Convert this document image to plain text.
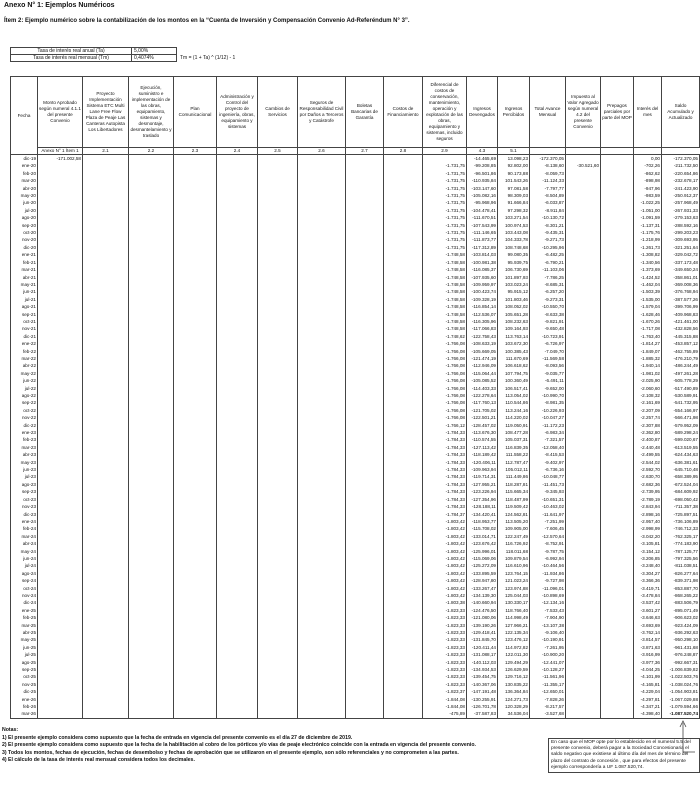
Anexo N° 1: Ejemplos Numéricos
Ítem 2: Ejemplo numérico sobre la contabilización de los montos en la “Cuenta de Inversión y Compensación Convenio Ad-Referéndum N° 3”.
Tasa de interés real anual (Ta)	5,00%
Tasa de interés real mensual (Tm)	0,4074%	Tm = (1 + Ta) ^ (1/12) - 1
Fecha	Monto Aprobado según numeral 4.1.1 del presente Convenio	Proyecto Implementación Sistema ETC Multi Lane Free Flow Plaza de Peaje Las Canteras Autopista Los Libertadores	Ejecución, suministro e implementación de las obras, equipamiento, sistemas y desmontaje, desmantelamiento y traslado	Plan Comunicacional	Administración y Control del proyecto de ingeniería, obras, equipamiento y sistemas	Cambios de Servicios	Seguros de Responsabilidad Civil por Daños a Terceros y Catástrofe	Boletas Bancarias de Garantía	Costos de Financiamiento	Diferencial de costos de conservación, mantenimiento, operación y explotación de las obras, equipamiento y sistemas, incluido seguros	Ingresos Devengados	Ingresos Percibidos	Total Avance Mensual	Impuesto al Valor Agregado según numeral 4.2 del presente Convenio	Prepagos parciales por parte del MOP	Interés del mes	Saldo Acumulado y Actualizado
	Anexo N° 1 Ítem 1	2.1	2.2	2.3	2.4	2.5	2.6	2.7	2.8	2.9	4.3	5.1					
dic-19	-171.002,58										-14.465,69	13.098,23	-172.370,05			0,00	-172.370,05
ene-20										-1.731,75	-99.208,85	92.802,00	-8.138,60	-30.521,60		-702,26	-211.732,50
feb-20										-1.731,75	-96.501,86	90.173,88	-8.059,73			-862,62	-220.654,86
mar-20										-1.731,75	-110.935,84	101.543,26	-11.124,33			-898,98	-232.678,17
abr-20										-1.731,75	-103.147,60	97.081,58	-7.797,77			-947,96	-241.423,90
may-20										-1.731,75	-105.082,16	98.309,03	-8.504,89			-983,59	-250.912,37
jun-20										-1.731,75	-95.968,96	91.666,84	-6.033,87			-1.022,25	-257.968,49
jul-20										-1.731,75	-104.478,41	97.298,32	-8.911,84			-1.051,00	-267.931,33
ago-20										-1.731,75	-111.670,51	103.271,54	-10.130,72			-1.091,59	-279.153,63
sep-20										-1.731,75	-107.543,99	100.974,53	-8.301,21			-1.137,31	-288.592,16
oct-20										-1.731,75	-111.146,65	103.443,08	-9.435,31			-1.175,76	-299.203,23
nov-20										-1.731,75	-111.873,77	104.333,78	-9.271,73			-1.218,99	-309.693,95
dic-20										-1.731,75	-117.312,89	108.748,68	-10.295,96			-1.261,73	-321.251,64
ene-21										-1.748,58	-103.814,03	99.080,35	-6.482,25			-1.308,82	-329.042,72
feb-21										-1.748,58	-100.981,38	95.939,75	-6.790,21			-1.340,56	-337.173,48
mar-21										-1.748,58	-116.085,37	106.730,69	-11.103,06			-1.373,69	-349.650,24
abr-21										-1.748,58	-107.935,60	101.897,93	-7.786,25			-1.424,52	-358.861,01
may-21										-1.748,58	-109.959,97	103.023,24	-8.685,31			-1.462,04	-369.008,36
jun-21										-1.748,58	-100.423,74	95.915,12	-6.257,20			-1.503,39	-376.768,94
jul-21										-1.748,58	-109.328,19	101.803,46	-9.273,31			-1.535,00	-387.577,26
ago-21										-1.748,58	-116.854,14	108.052,02	-10.550,70			-1.579,04	-399.706,99
sep-21										-1.748,58	-112.536,07	105.651,28	-8.633,38			-1.628,46	-409.968,83
oct-21										-1.748,58	-116.305,96	108.232,63	-9.821,91			-1.670,26	-421.461,00
nov-21										-1.748,58	-117.066,83	109.164,93	-9.650,48			-1.717,08	-432.828,56
dic-21										-1.748,62	-122.758,43	113.763,14	-10.723,91			-1.763,40	-445.315,88
ene-22										-1.766,08	-108.633,19	103.672,30	-6.726,97			-1.814,27	-453.857,12
feb-22										-1.766,08	-105.669,05	100.385,43	-7.049,70			-1.849,07	-462.755,89
mar-22										-1.766,08	-121.474,19	111.670,69	-11.569,58			-1.885,32	-476.210,79
abr-22										-1.766,08	-112.946,09	106.618,62	-8.093,56			-1.940,14	-486.244,49
may-22										-1.766,08	-115.064,44	107.794,75	-9.035,77			-1.981,02	-497.261,28
jun-22										-1.766,08	-105.085,52	100.360,49	-6.491,11			-2.025,90	-505.778,29
jul-22										-1.766,08	-114.403,33	106.517,41	-9.652,00			-2.060,60	-517.490,89
ago-22										-1.766,08	-122.278,64	113.054,02	-10.990,70			-2.108,32	-530.589,91
sep-22										-1.766,08	-117.760,13	110.544,86	-8.981,35			-2.161,69	-541.732,95
oct-22										-1.766,08	-121.705,02	113.244,16	-10.226,93			-2.207,09	-554.166,97
nov-22										-1.766,08	-122.501,21	114.220,02	-10.047,27			-2.257,74	-566.471,98
dic-22										-1.766,12	-128.457,02	119.050,91	-11.172,23			-2.307,88	-579.952,09
ene-23										-1.784,33	-113.676,30	108.477,28	-6.983,34			-2.362,80	-589.298,24
feb-23										-1.784,33	-110.574,55	105.037,31	-7.321,57			-2.400,87	-599.020,67
mar-23										-1.784,33	-127.113,42	116.839,35	-12.058,40			-2.440,48	-613.519,55
abr-23										-1.784,33	-118.189,42	111.558,22	-8.415,53			-2.499,55	-624.434,63
may-23										-1.784,33	-120.406,11	112.787,47	-9.402,97			-2.544,02	-636.381,61
jun-23										-1.784,33	-109.963,94	105.012,11	-6.736,16			-2.592,70	-645.710,48
jul-23										-1.784,33	-119.714,31	111.449,86	-10.048,77			-2.630,70	-658.389,95
ago-23										-1.784,33	-127.955,21	118.287,81	-11.451,73			-2.682,36	-672.524,04
sep-23										-1.784,33	-123.226,94	115.665,34	-9.345,93			-2.739,95	-684.609,92
oct-23										-1.784,33	-127.354,96	118.487,99	-10.651,31			-2.789,19	-698.050,42
nov-23										-1.784,33	-128.188,11	119.509,42	-10.463,02			-2.843,94	-711.357,38
dic-23										-1.784,37	-134.420,41	124.562,81	-11.641,97			-2.898,16	-725.897,51
ene-24										-1.803,42	-118.953,77	113.505,20	-7.251,99			-2.957,40	-736.106,89
feb-24										-1.803,42	-115.708,02	109.905,00	-7.606,45			-2.998,99	-746.712,33
mar-24										-1.803,42	-133.014,71	122.247,49	-12.570,64			-3.042,20	-762.325,17
abr-24										-1.803,42	-123.676,42	116.726,92	-8.752,91			-3.105,81	-774.183,90
may-24										-1.803,42	-125.996,01	118.011,68	-9.787,75			-3.154,12	-787.125,77
jun-24										-1.803,42	-115.069,06	109.879,54	-6.992,94			-3.206,85	-797.325,56
jul-24										-1.803,42	-125.272,09	116.610,96	-10.464,56			-3.248,40	-811.038,51
ago-24										-1.803,42	-133.895,59	123.764,15	-11.934,86			-3.304,27	-826.277,64
sep-24										-1.803,42	-128.947,80	121.023,24	-9.727,98			-3.366,36	-839.371,98
oct-24										-1.803,42	-133.267,47	123.974,88	-11.096,01			-3.419,71	-853.887,70
nov-24										-1.803,42	-134.139,30	125.044,03	-10.898,69			-3.478,84	-868.265,22
dic-24										-1.803,38	-140.660,94	130.330,17	-12.134,16			-3.537,42	-883.506,79
ene-25										-1.823,33	-124.476,50	118.766,40	-7.533,43			-3.601,27	-895.071,49
feb-25										-1.823,33	-121.080,06	114.998,49	-7.904,90			-3.646,63	-906.623,02
mar-25										-1.823,33	-139.190,26	127.966,21	-13.107,38			-3.693,69	-923.424,09
abr-25										-1.823,33	-129.418,41	122.135,34	-9.106,40			-3.762,14	-936.292,63
may-25										-1.823,33	-131.845,70	123.476,12	-10.190,91			-3.814,57	-950.298,10
jun-25										-1.823,33	-120.411,44	114.972,82	-7.261,95			-3.871,63	-961.431,68
jul-25										-1.823,33	-131.088,17	122.011,30	-10.900,20			-3.916,99	-976.248,87
ago-25										-1.823,33	-140.112,03	129.494,29	-12.441,07			-3.977,36	-992.667,31
sep-25										-1.823,33	-134.934,53	126.629,59	-10.128,27			-4.044,25	-1.006.839,82
oct-25										-1.823,33	-139.454,75	129.716,12	-11.561,96			-4.101,99	-1.022.503,76
nov-25										-1.823,33	-140.367,06	130.835,22	-11.355,17			-4.165,81	-1.038.024,76
dic-25										-1.823,37	-147.191,48	136.364,84	-12.650,01			-4.229,04	-1.054.903,81
ene-26										-1.844,08	-130.255,91	124.271,73	-7.828,26			-4.297,81	-1.067.029,88
feb-26										-1.844,08	-126.701,78	120.328,29	-8.217,57			-4.347,21	-1.079.594,66
mar-26										-475,89	-37.587,83	34.536,04	-3.527,68			-4.398,40	-1.087.520,74
Notas:
1) El presente ejemplo considera como supuesto que la fecha de entrada en vigencia del presente convenio es el día 27 de diciembre de 2019.
2) El presente ejemplo considera como supuesto que la fecha de la habilitación al cobro de los pórticos y/o vías de peaje electrónico coincide con la entrada en vigencia del presente convenio.
3) Todos los montos, fechas de ejecución, fechas de desembolso y fechas de aprobación que se utilizaron en el presente ejemplo, son sólo referenciales y no comprometen a las partes.
4) El cálculo de la tasa de interés real mensual considera todos los decimales.
En caso que el MOP opte por lo establecido en el numeral 5.5 del presente convenio, deberá pagar a la Sociedad Concesionaria el saldo negativo que existiese al último día del mes de término del plazo del contrato de concesión , que para efectos del presente ejemplo correspondería a UF 1.087.520,74.
